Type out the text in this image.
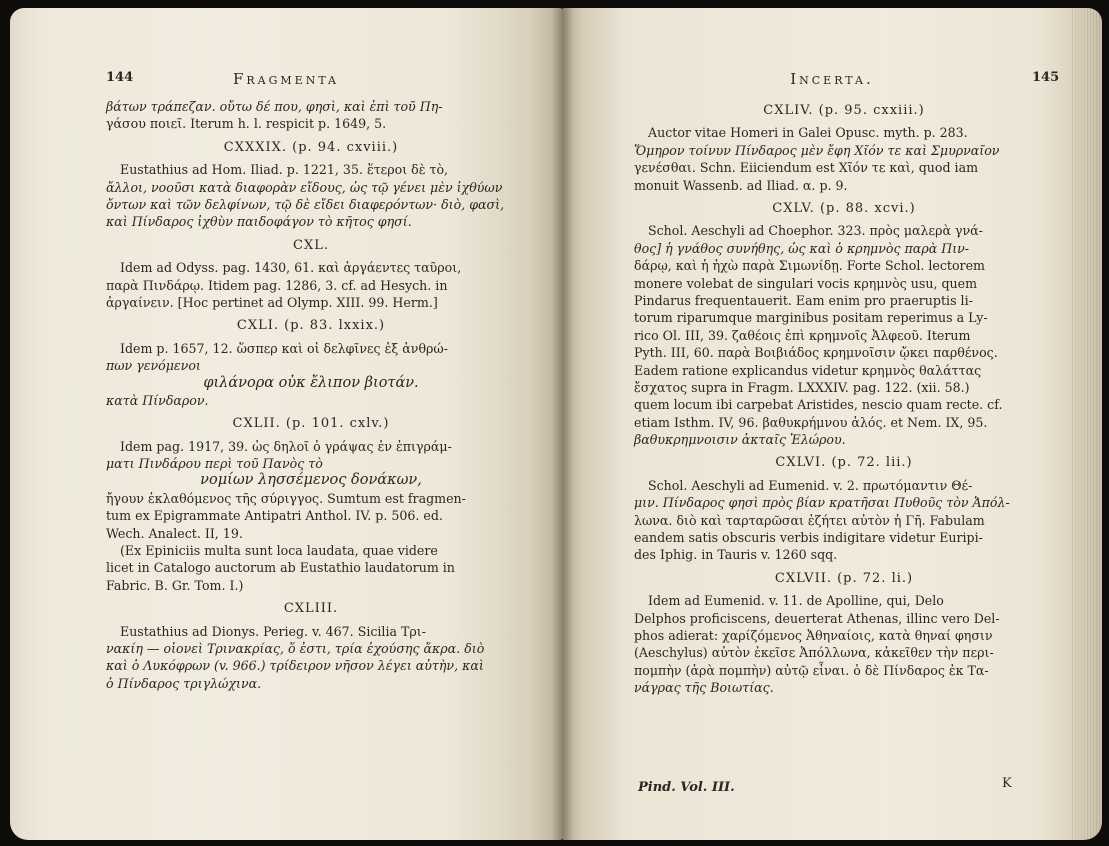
144	Fragmenta
βάτων τράπεζαν. οὔτω δέ που, φησὶ, καὶ ἐπὶ τοῦ Πη-
γάσου ποιεῖ. Iterum h. l. respicit p. 1649, 5.
CXXXIX. (p. 94. cxviii.)
Eustathius ad Hom. Iliad. p. 1221, 35. ἕτεροι δὲ τὸ,
ἄλλοι, νοοῦσι κατὰ διαφορὰν εἴδους, ὡς τῷ γένει μὲν ἰχθύων
ὄντων καὶ τῶν δελφίνων, τῷ δὲ εἴδει διαφερόντων· διὸ, φασὶ,
καὶ Πίνδαρος ἰχθὺν παιδοφάγον τὸ κῆτος φησί.
CXL.
Idem ad Odyss. pag. 1430, 61. καὶ ἀργάεντες ταῦροι,
παρὰ Πινδάρῳ. Itidem pag. 1286, 3. cf. ad Hesych. in
ἀργαίνειν. [Hoc pertinet ad Olymp. XIII. 99. Herm.]
CXLI. (p. 83. lxxix.)
Idem p. 1657, 12. ὥσπερ καὶ οἱ δελφῖνες ἐξ ἀνθρώ-
πων γενόμενοι
φιλάνορα οὐκ ἔλιπον βιοτάν.
κατὰ Πίνδαρον.
CXLII. (p. 101. cxlv.)
Idem pag. 1917, 39. ὡς δηλοῖ ὁ γράψας ἐν ἐπιγράμ-
ματι Πινδάρου περὶ τοῦ Πανὸς τὸ
νομίων λησσέμενος δονάκων,
ἤγουν ἐκλαθόμενος τῆς σύριγγος. Sumtum est fragmen-
tum ex Epigrammate Antipatri Anthol. IV. p. 506. ed.
Wech. Analect. II, 19.
(Ex Epiniciis multa sunt loca laudata, quae videre
licet in Catalogo auctorum ab Eustathio laudatorum in
Fabric. B. Gr. Tom. I.)
CXLIII.
Eustathius ad Dionys. Perieg. v. 467. Sicilia Τρι-
νακίη — οἱονεὶ Τρινακρίας, ὅ ἐστι, τρία ἐχούσης ἄκρα. διὸ
καὶ ὁ Λυκόφρων (v. 966.) τρίδειρον νῆσον λέγει αὐτὴν, καὶ
ὁ Πίνδαρος τριγλώχινα.
Incerta.	145
CXLIV. (p. 95. cxxiii.)
Auctor vitae Homeri in Galei Opusc. myth. p. 283.
Ὅμηρον τοίνυν Πίνδαρος μὲν ἔφη Χῖόν τε καὶ Σμυρναῖον
γενέσθαι. Schn. Eiiciendum est Χῖόν τε καὶ, quod iam
monuit Wassenb. ad Iliad. α. p. 9.
CXLV. (p. 88. xcvi.)
Schol. Aeschyli ad Choephor. 323. πρὸς μαλερὰ γνά-
θος] ἡ γνάθος συνήθης, ὡς καὶ ὁ κρημνὸς παρὰ Πιν-
δάρῳ, καὶ ἡ ἠχὼ παρὰ Σιμωνίδῃ. Forte Schol. lectorem
monere volebat de singulari vocis κρημνὸς usu, quem
Pindarus frequentauerit. Eam enim pro praeruptis li-
torum riparumque marginibus positam reperimus a Ly-
rico Ol. III, 39. ζαθέοις ἐπὶ κρημνοῖς Ἀλφεοῦ. Iterum
Pyth. III, 60. παρὰ Βοιβιάδος κρημνοῖσιν ᾤκει παρθένος.
Eadem ratione explicandus videtur κρημνὸς θαλάττας
ἔσχατος supra in Fragm. LXXXIV. pag. 122. (xii. 58.)
quem locum ibi carpebat Aristides, nescio quam recte. cf.
etiam Isthm. IV, 96. βαθυκρήμνου ἁλός. et Nem. IX, 95.
βαθυκρημνοισιν ἀκταῖς Ἐλώρου.
CXLVI. (p. 72. lii.)
Schol. Aeschyli ad Eumenid. v. 2. πρωτόμαντιν Θέ-
μιν. Πίνδαρος φησὶ πρὸς βίαν κρατῆσαι Πυθοῦς τὸν Ἀπόλ-
λωνα. διὸ καὶ ταρταρῶσαι ἐζήτει αὐτὸν ἡ Γῆ. Fabulam
eandem satis obscuris verbis indigitare videtur Euripi-
des Iphig. in Tauris v. 1260 sqq.
CXLVII. (p. 72. li.)
Idem ad Eumenid. v. 11. de Apolline, qui, Delo
Delphos proficiscens, deuerterat Athenas, illinc vero Del-
phos adierat: χαρίζόμενος Ἀθηναίοις, κατὰ θηναί φησιν
(Aeschylus) αὐτὸν ἐκεῖσε Ἀπόλλωνα, κἀκεῖθεν τὴν περι-
πομπὴν (ἀρὰ πομπὴν) αὐτῷ εἶναι. ὁ δὲ Πίνδαρος ἐκ Τα-
νάγρας τῆς Βοιωτίας.
Pind. Vol. III.	K
